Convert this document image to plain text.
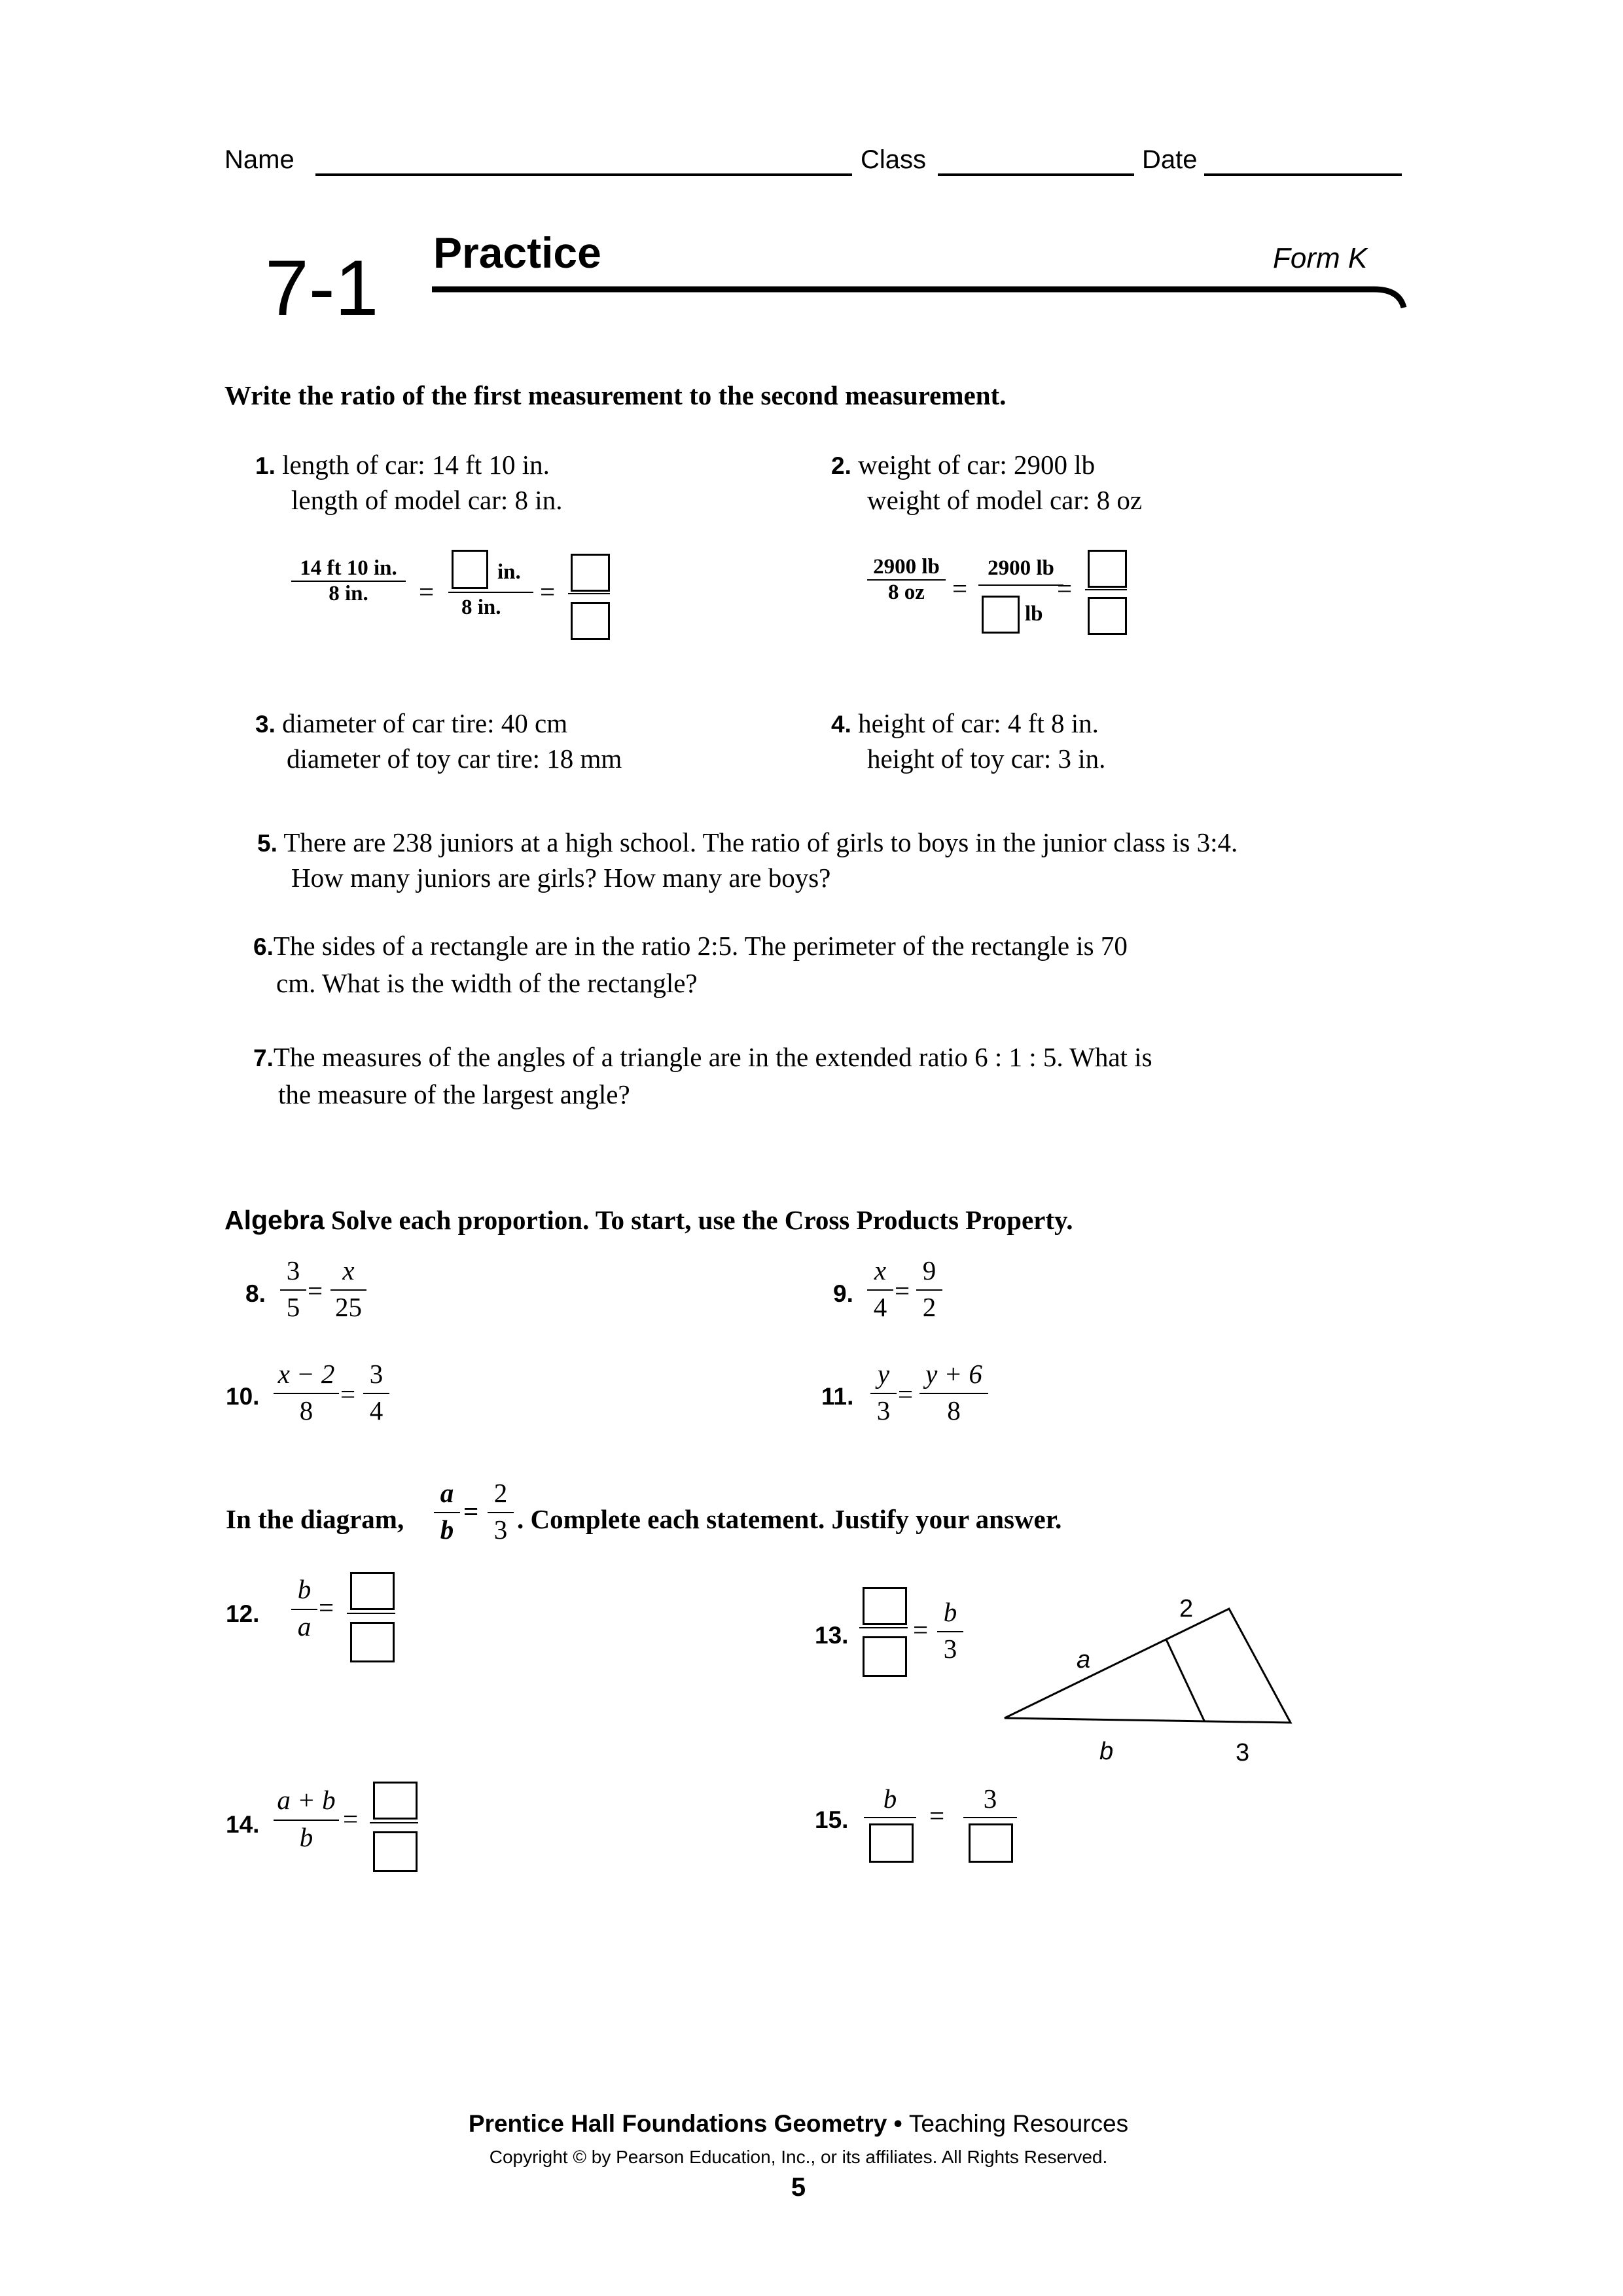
Name	Class	Date
7-1 Practice	Form K
Write the ratio of the first measurement to the second measurement.
1. length of car: 14 ft 10 in.
length of model car: 8 in.
14 ft 10 in.
8 in.	=
in.
8 in.
=
2. weight of car: 2900 lb
weight of model car: 8 oz
2900 lb
8 oz	=
2900 lb
lb
=
3. diameter of car tire: 40 cm
diameter of toy car tire: 18 mm
4. height of car: 4 ft 8 in.
height of toy car: 3 in.
5. There are 238 juniors at a high school. The ratio of girls to boys in the junior class is 3:4.
How many juniors are girls? How many are boys?
6.The sides of a rectangle are in the ratio 2:5. The perimeter of the rectangle is 70
cm. What is the width of the rectangle?
7.The measures of the angles of a triangle are in the extended ratio 6 : 1 : 5. What is
the measure of the largest angle?
Algebra Solve each proportion. To start, use the Cross Products Property.
8.
3
5
=
x
25	9.
x
4
=
9
2
10.
x − 2
8
=
3
4	11.
y
3
=
y + 6
8
In the diagram,
a
b
=
2
3 . Complete each statement. Justify your answer.
12.
b
a
=
13. =
b
3	a
b
2
3
14.
a + b
b
=	15.
b
=
3
Prentice Hall Foundations Geometry • Teaching Resources
Copyright © by Pearson Education, Inc., or its affiliates. All Rights Reserved.
5
